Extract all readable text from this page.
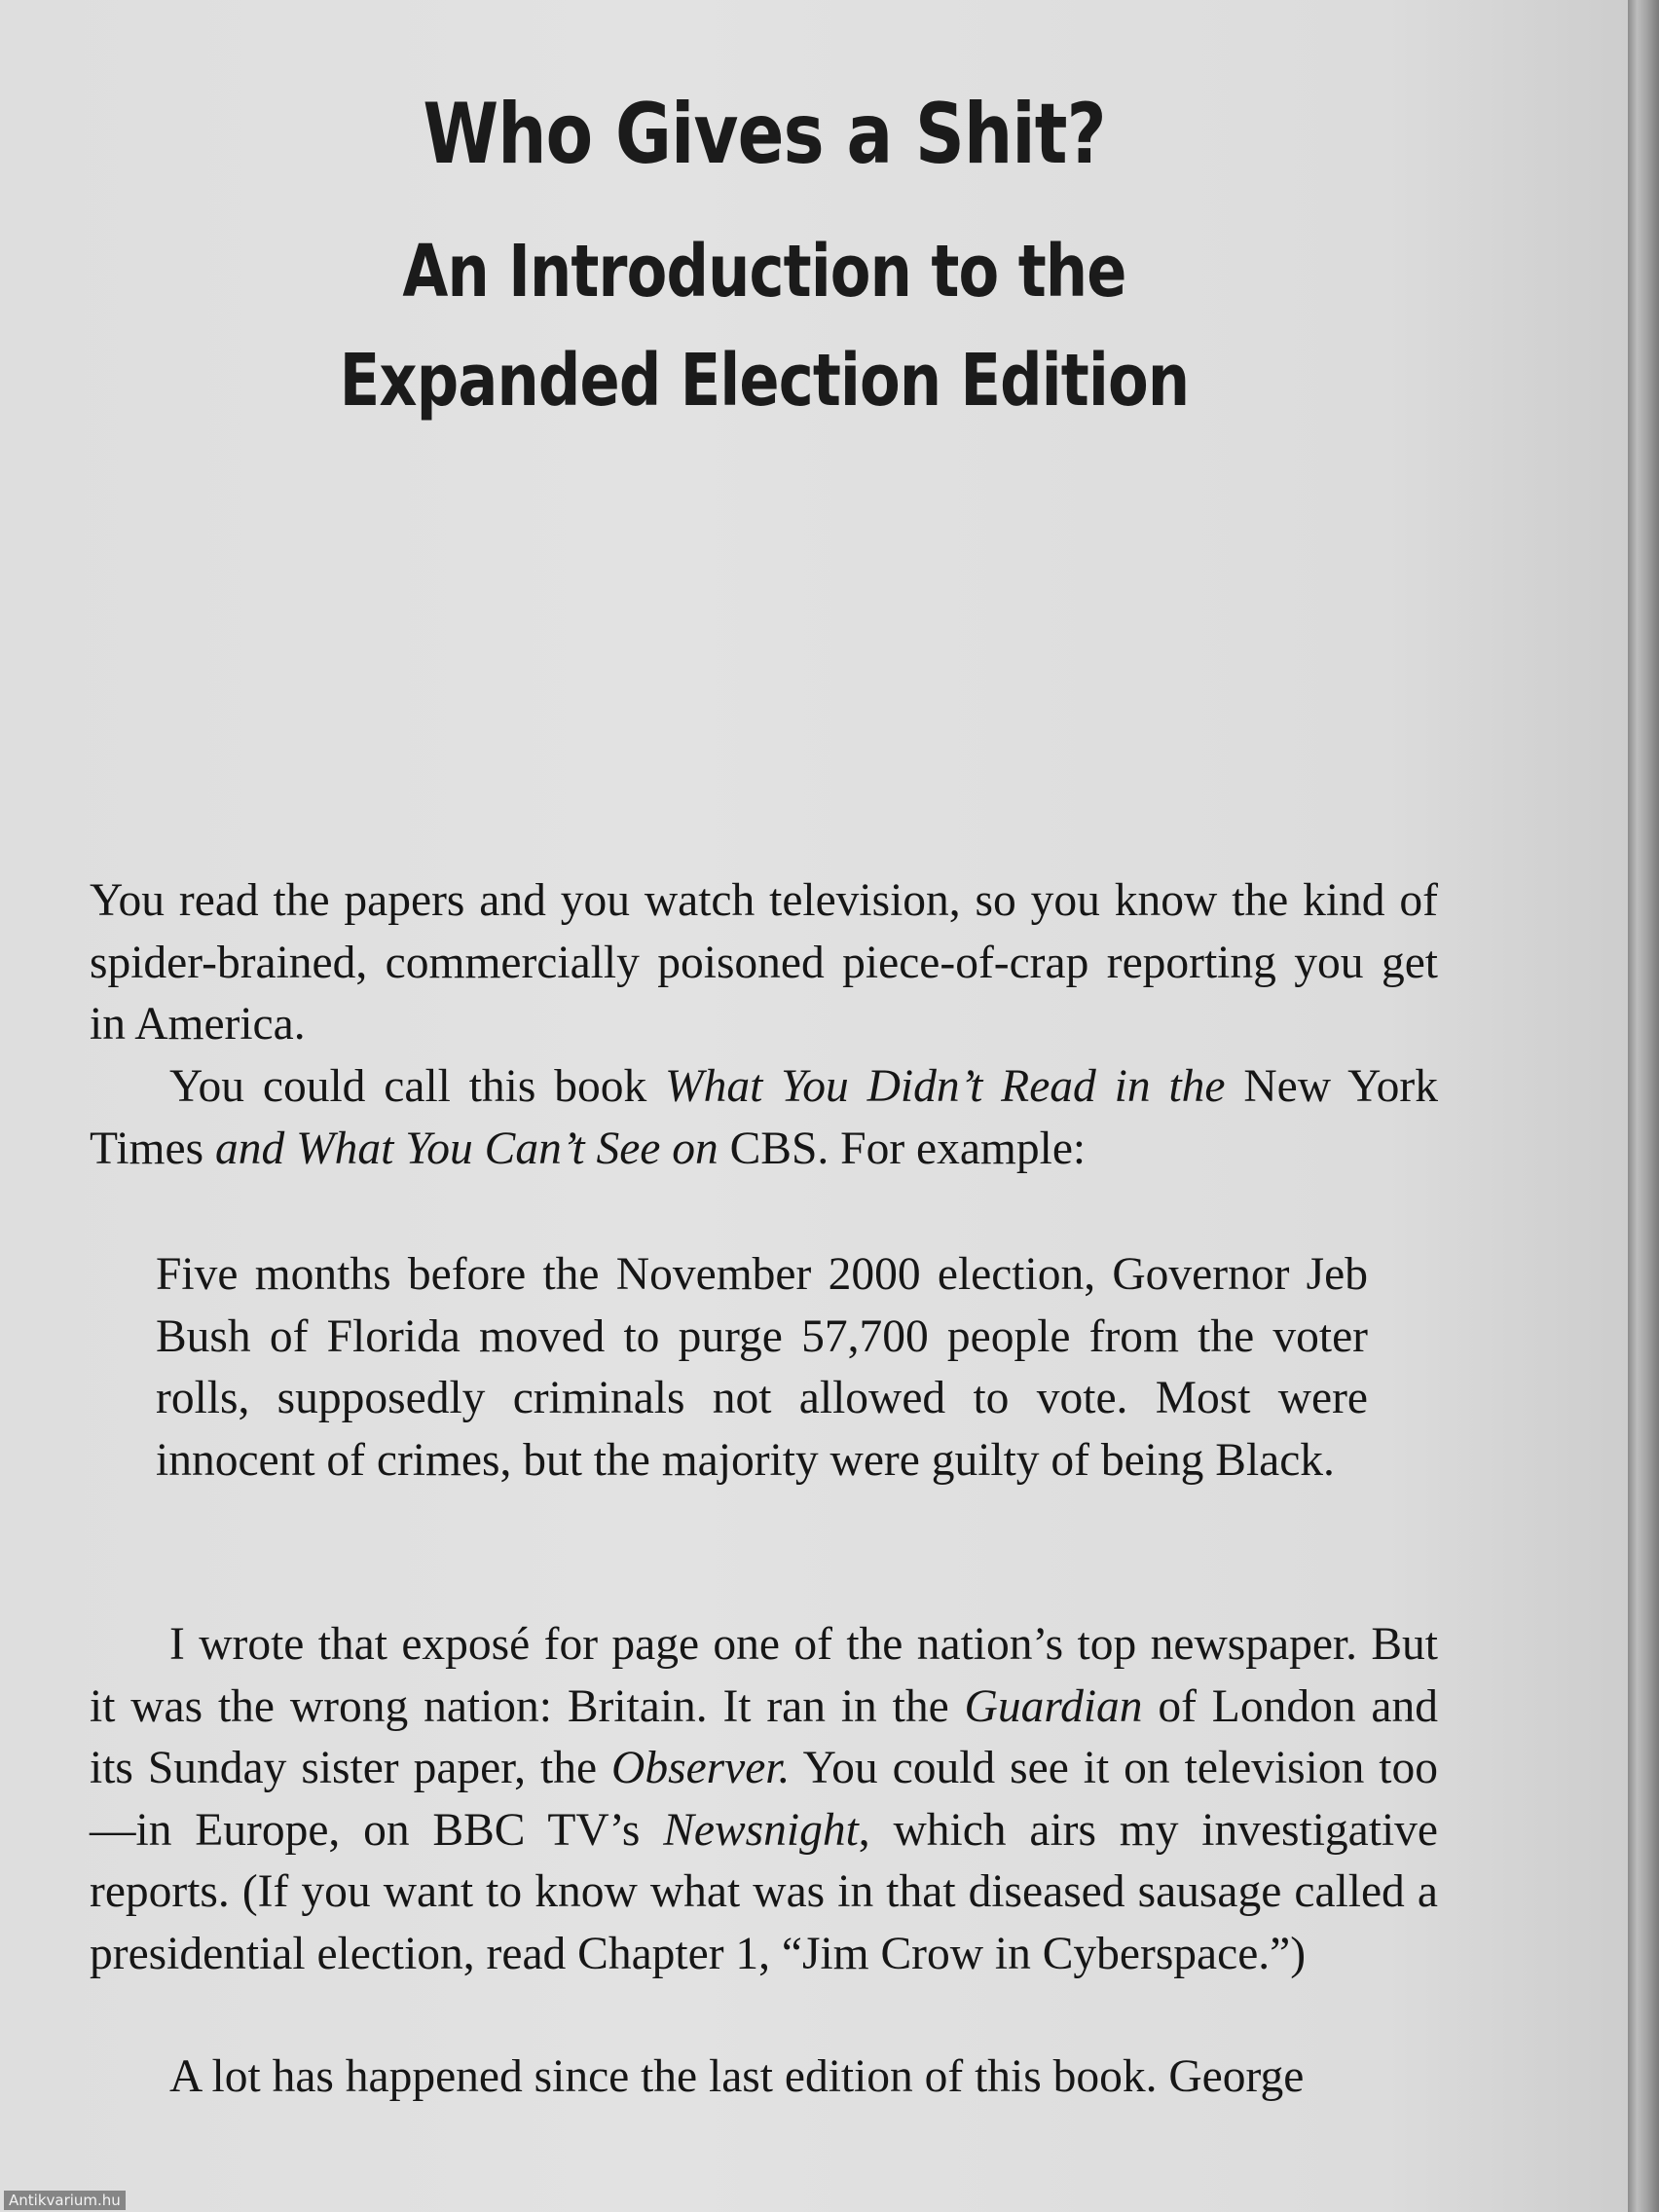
Who Gives a Shit?
An Introduction to the
Expanded Election Edition

You read the papers and you watch television, so you know the kind of spider-brained, commercially poisoned piece-of-crap reporting you get in America.

You could call this book What You Didn’t Read in the New York Times and What You Can’t See on CBS. For example:

Five months before the November 2000 election, Governor Jeb Bush of Florida moved to purge 57,700 people from the voter rolls, supposedly criminals not allowed to vote. Most were innocent of crimes, but the majority were guilty of being Black.

I wrote that exposé for page one of the nation’s top newspaper. But it was the wrong nation: Britain. It ran in the Guardian of London and its Sunday sister paper, the Observer. You could see it on television too—in Europe, on BBC TV’s Newsnight, which airs my investigative reports. (If you want to know what was in that diseased sausage called a presidential election, read Chapter 1, “Jim Crow in Cyberspace.”)

A lot has happened since the last edition of this book. George

Antikvarium.hu
